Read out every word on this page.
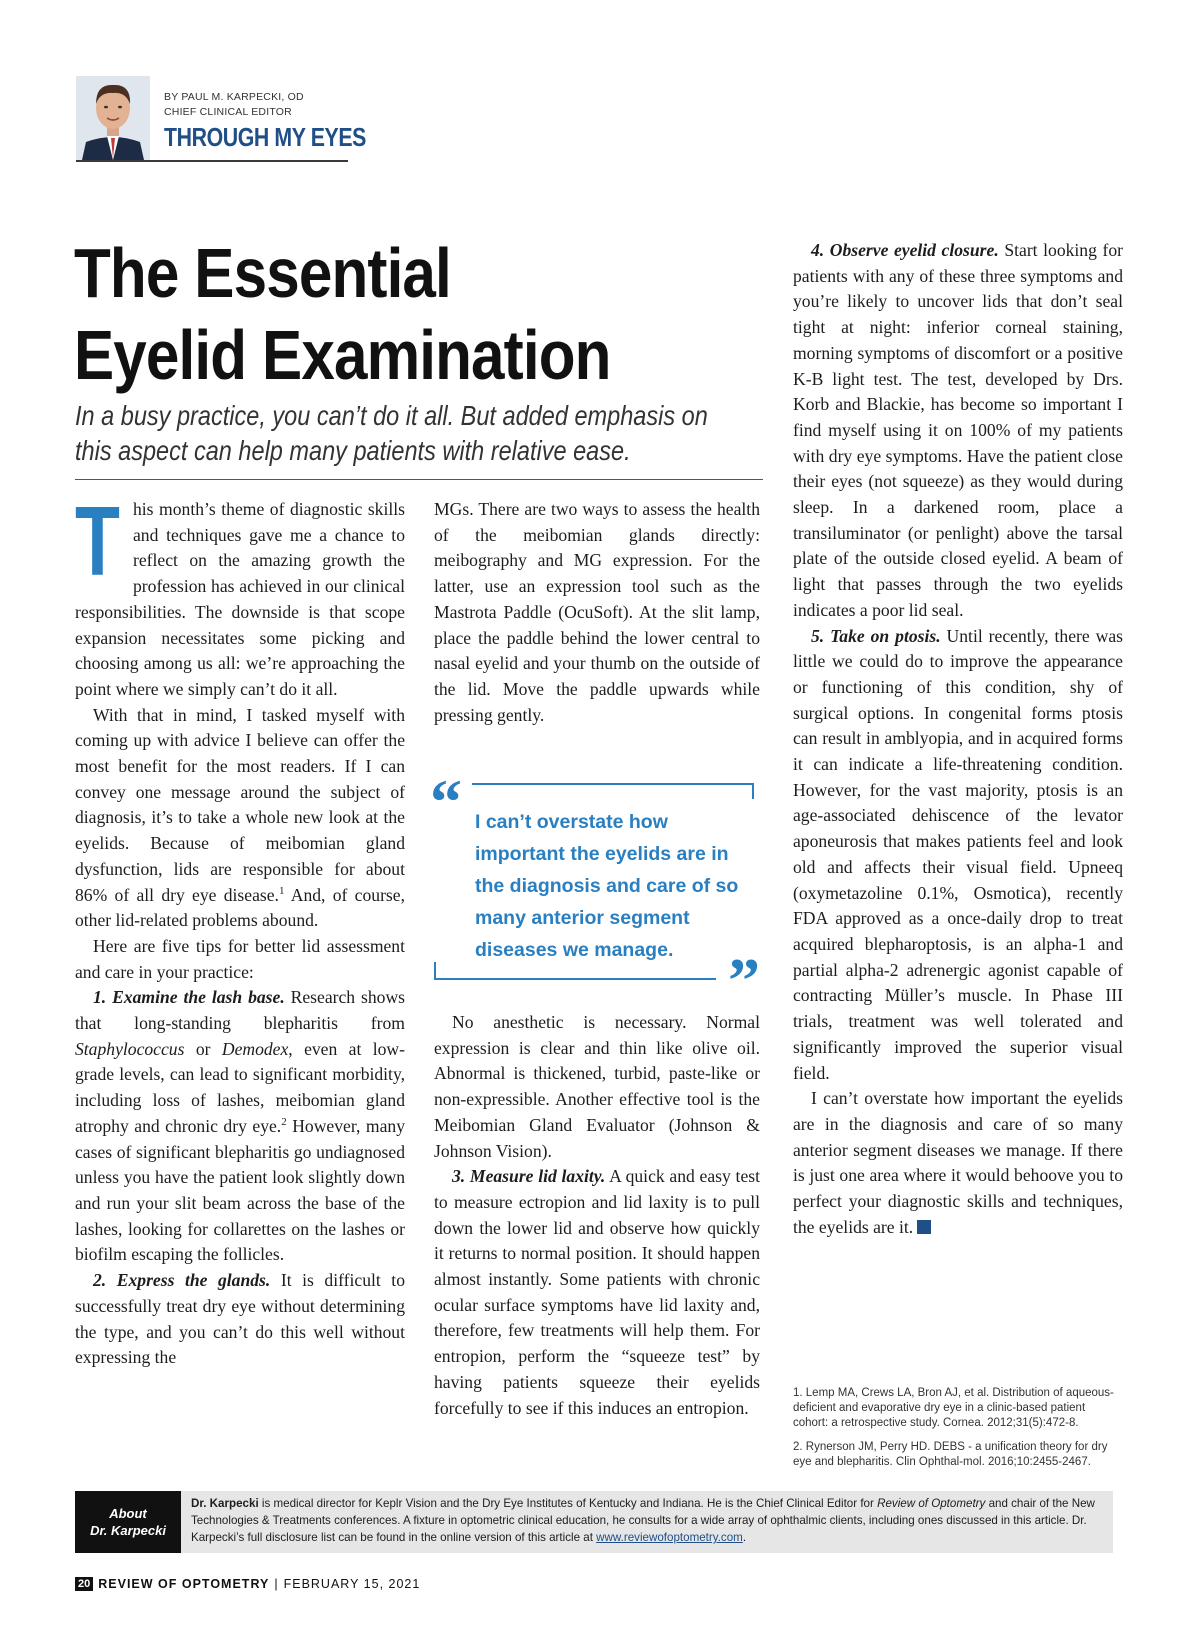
BY PAUL M. KARPECKI, OD
CHIEF CLINICAL EDITOR
THROUGH MY EYES
The Essential
Eyelid Examination
In a busy practice, you can’t do it all. But added emphasis on
this aspect can help many patients with relative ease.

This month’s theme of diagnostic skills and techniques gave me a chance to reflect on the amazing growth the profession has achieved in our clinical responsibilities. The downside is that scope expansion necessitates some picking and choosing among us all: we’re approaching the point where we simply can’t do it all.

With that in mind, I tasked myself with coming up with advice I believe can offer the most benefit for the most readers. If I can convey one message around the subject of diagnosis, it’s to take a whole new look at the eyelids. Because of meibomian gland dysfunction, lids are responsible for about 86% of all dry eye disease.$^1$ And, of course, other lid-related problems abound.

Here are five tips for better lid assessment and care in your practice:

1. Examine the lash base. Research shows that long-standing blepharitis from Staphylococcus or Demodex, even at low-grade levels, can lead to significant morbidity, including loss of lashes, meibomian gland atrophy and chronic dry eye.$^2$ However, many cases of significant blepharitis go undiagnosed unless you have the patient look slightly down and run your slit beam across the base of the lashes, looking for collarettes on the lashes or biofilm escaping the follicles.

2. Express the glands. It is difficult to successfully treat dry eye without determining the type, and you can’t do this well without expressing the

MGs. There are two ways to assess the health of the meibomian glands directly: meibography and MG expression. For the latter, use an expression tool such as the Mastrota Paddle (OcuSoft). At the slit lamp, place the paddle behind the lower central to nasal eyelid and your thumb on the outside of the lid. Move the paddle upwards while pressing gently.

“ I can’t overstate how important the eyelids are in the diagnosis and care of so many anterior segment diseases we manage. ”

No anesthetic is necessary. Normal expression is clear and thin like olive oil. Abnormal is thickened, turbid, paste-like or non-expressible. Another effective tool is the Meibomian Gland Evaluator (Johnson & Johnson Vision).

3. Measure lid laxity. A quick and easy test to measure ectropion and lid laxity is to pull down the lower lid and observe how quickly it returns to normal position. It should happen almost instantly. Some patients with chronic ocular surface symptoms have lid laxity and, therefore, few treatments will help them. For entropion, perform the “squeeze test” by having patients squeeze their eyelids forcefully to see if this induces an entropion.

4. Observe eyelid closure. Start looking for patients with any of these three symptoms and you’re likely to uncover lids that don’t seal tight at night: inferior corneal staining, morning symptoms of discomfort or a positive K-B light test. The test, developed by Drs. Korb and Blackie, has become so important I find myself using it on 100% of my patients with dry eye symptoms. Have the patient close their eyes (not squeeze) as they would during sleep. In a darkened room, place a transiluminator (or penlight) above the tarsal plate of the outside closed eyelid. A beam of light that passes through the two eyelids indicates a poor lid seal.

5. Take on ptosis. Until recently, there was little we could do to improve the appearance or functioning of this condition, shy of surgical options. In congenital forms ptosis can result in amblyopia, and in acquired forms it can indicate a life-threatening condition. However, for the vast majority, ptosis is an age-associated dehiscence of the levator aponeurosis that makes patients feel and look old and affects their visual field. Upneeq (oxymetazoline 0.1%, Osmotica), recently FDA approved as a once-daily drop to treat acquired blepharoptosis, is an alpha-1 and partial alpha-2 adrenergic agonist capable of contracting Müller’s muscle. In Phase III trials, treatment was well tolerated and significantly improved the superior visual field.

I can’t overstate how important the eyelids are in the diagnosis and care of so many anterior segment diseases we manage. If there is just one area where it would behoove you to perfect your diagnostic skills and techniques, the eyelids are it.

1. Lemp MA, Crews LA, Bron AJ, et al. Distribution of aqueous-deficient and evaporative dry eye in a clinic-based patient cohort: a retrospective study. Cornea. 2012;31(5):472-8.
2. Rynerson JM, Perry HD. DEBS - a unification theory for dry eye and blepharitis. Clin Ophthal-mol. 2016;10:2455-2467.
About
Dr. Karpecki
Dr. Karpecki is medical director for Keplr Vision and the Dry Eye Institutes of Kentucky and Indiana. He is the Chief Clinical Editor for Review of Optometry and chair of the New Technologies & Treatments conferences. A fixture in optometric clinical education, he consults for a wide array of ophthalmic clients, including ones discussed in this article. Dr. Karpecki’s full disclosure list can be found in the online version of this article at www.reviewofoptometry.com.
20 REVIEW OF OPTOMETRY | FEBRUARY 15, 2021
